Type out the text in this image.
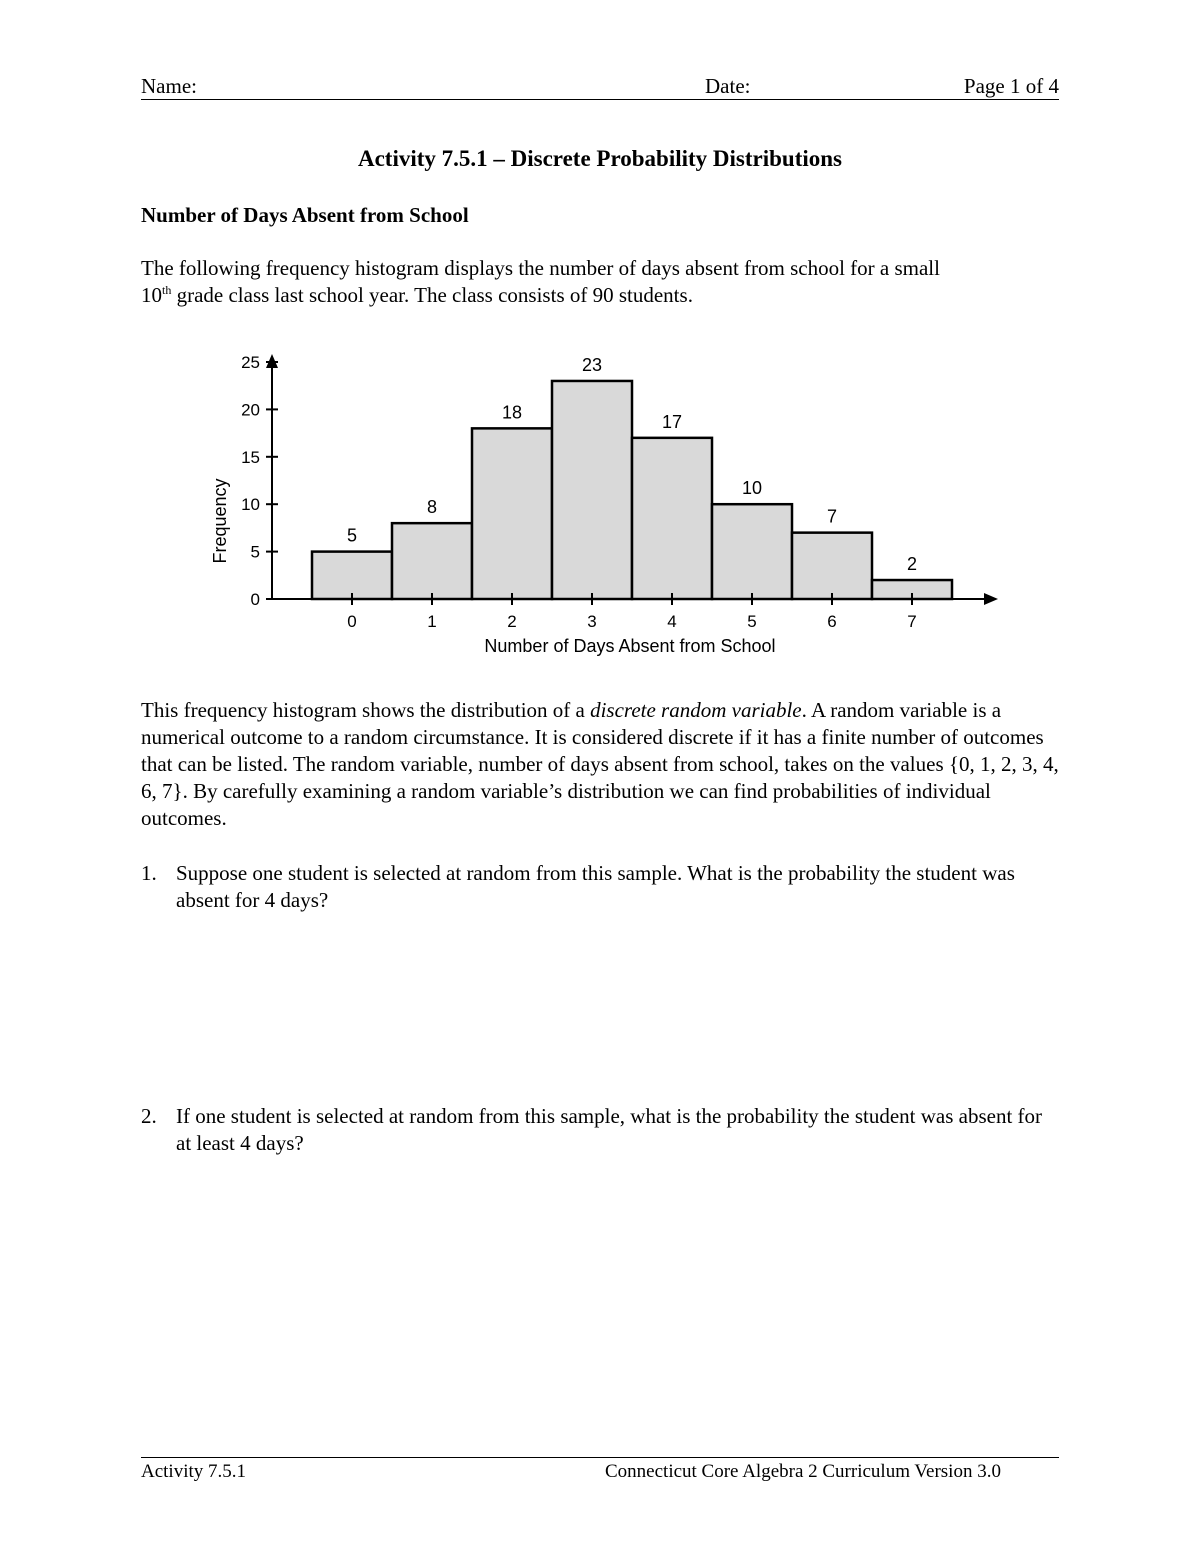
Name:	Date:	Page 1 of 4
Activity 7.5.1 – Discrete Probability Distributions
Number of Days Absent from School
The following frequency histogram displays the number of days absent from school for a small
10th grade class last school year. The class consists of 90 students.
5
0
8
1
18
2
23
3
17
4
10
5
7
6
2
7
0
5
10
15
20
25
Frequency
Number of Days Absent from School
This frequency histogram shows the distribution of a discrete random variable. A random variable is a numerical outcome to a random circumstance. It is considered discrete if it has a finite number of outcomes that can be listed. The random variable, number of days absent from school, takes on the values {0, 1, 2, 3, 4, 6, 7}. By carefully examining a random variable’s distribution we can find probabilities of individual outcomes.
1. Suppose one student is selected at random from this sample. What is the probability the student was absent for 4 days?
2. If one student is selected at random from this sample, what is the probability the student was absent for at least 4 days?
Activity 7.5.1	Connecticut Core Algebra 2 Curriculum Version 3.0
